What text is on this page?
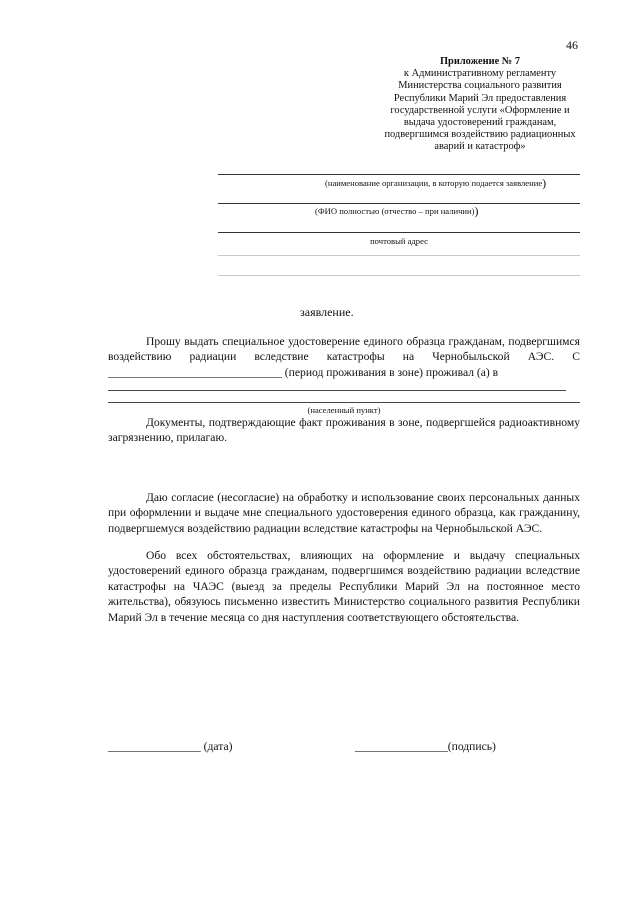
46
Приложение № 7
к Административному регламенту
Министерства социального развития
Республики Марий Эл предоставления
государственной услуги «Оформление и
выдача удостоверений гражданам,
подвергшимся воздействию радиационных
аварий и катастроф»
(наименование организации, в которую подается заявление)
(ФИО полностью (отчество – при наличии))
почтовый адрес
заявление.
Прошу выдать специальное удостоверение единого образца гражданам, подвергшимся воздействию радиации вследствие катастрофы на Чернобыльской АЭС. С ______________________________ (период проживания в зоне) проживал (а) в
(населенный пункт)
Документы, подтверждающие факт проживания в зоне, подвергшейся радиоактивному загрязнению, прилагаю.
Даю согласие (несогласие) на обработку и использование своих персональных данных при оформлении и выдаче мне специального удостоверения единого образца, как гражданину, подвергшемуся воздействию радиации вследствие катастрофы на Чернобыльской АЭС.
Обо всех обстоятельствах, влияющих на оформление и выдачу специальных удостоверений единого образца гражданам, подвергшимся воздействию радиации вследствие катастрофы на ЧАЭС (выезд за пределы Республики Марий Эл на постоянное место жительства), обязуюсь письменно известить Министерство социального развития Республики Марий Эл в течение месяца со дня наступления соответствующего обстоятельства.
________________ (дата)	________________(подпись)
